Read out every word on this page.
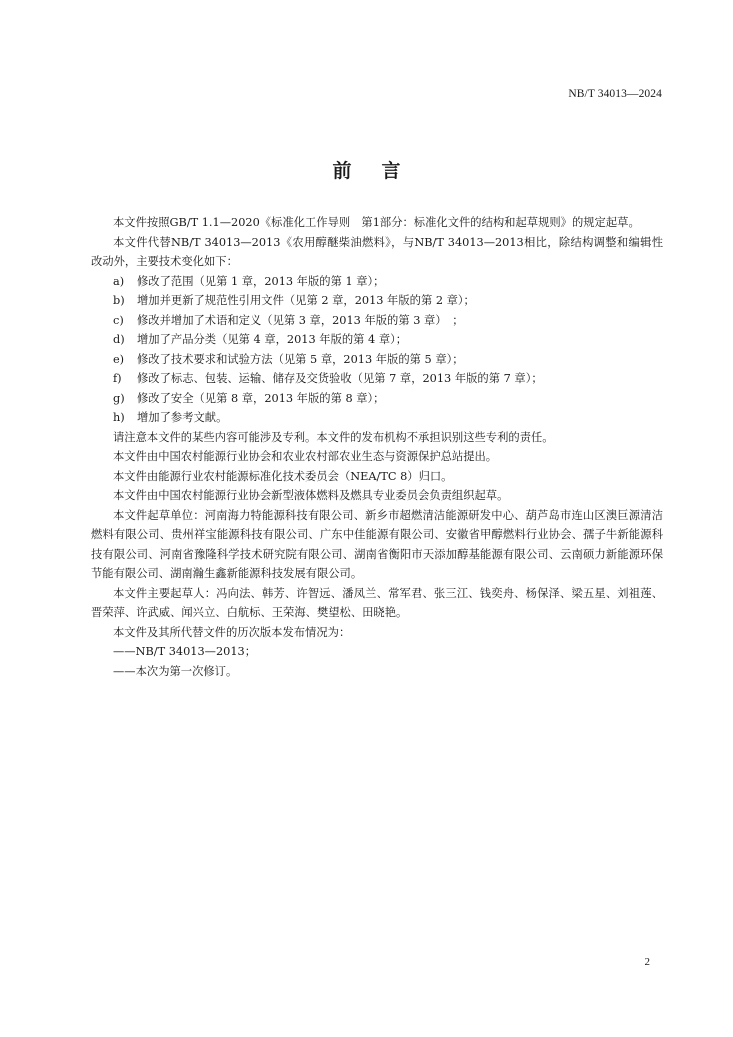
NB/T 34013—2024
前 言

本文件按照GB/T 1.1—2020《标准化工作导则　第1部分：标准化文件的结构和起草规则》的规定起草。

本文件代替NB/T 34013—2013《农用醇醚柴油燃料》，与NB/T 34013—2013相比，除结构调整和编辑性改动外，主要技术变化如下：

a) 修改了范围（见第 1 章，2013 年版的第 1 章）；

b) 增加并更新了规范性引用文件（见第 2 章，2013 年版的第 2 章）；

c) 修改并增加了术语和定义（见第 3 章，2013 年版的第 3 章）　；

d) 增加了产品分类（见第 4 章，2013 年版的第 4 章）；

e) 修改了技术要求和试验方法（见第 5 章，2013 年版的第 5 章）；

f) 修改了标志、包装、运输、储存及交货验收（见第 7 章，2013 年版的第 7 章）；

g) 修改了安全（见第 8 章，2013 年版的第 8 章）；

h) 增加了参考文献。

请注意本文件的某些内容可能涉及专利。本文件的发布机构不承担识别这些专利的责任。

本文件由中国农村能源行业协会和农业农村部农业生态与资源保护总站提出。

本文件由能源行业农村能源标准化技术委员会（NEA/TC 8）归口。

本文件由中国农村能源行业协会新型液体燃料及燃具专业委员会负责组织起草。

本文件起草单位：河南海力特能源科技有限公司、新乡市超燃清洁能源研发中心、葫芦岛市连山区澳巨源清洁燃料有限公司、贵州祥宝能源科技有限公司、广东中佳能源有限公司、安徽省甲醇燃料行业协会、孺子牛新能源科技有限公司、河南省豫隆科学技术研究院有限公司、湖南省衡阳市天添加醇基能源有限公司、云南硕力新能源环保节能有限公司、湖南瀚生鑫新能源科技发展有限公司。

本文件主要起草人：冯向法、韩芳、许智远、潘凤兰、常军君、张三江、钱奕舟、杨保泽、梁五星、刘祖莲、晋荣萍、许武威、闻兴立、白航标、王荣海、樊望松、田晓艳。

本文件及其所代替文件的历次版本发布情况为：

——NB/T 34013—2013；

——本次为第一次修订。

2
